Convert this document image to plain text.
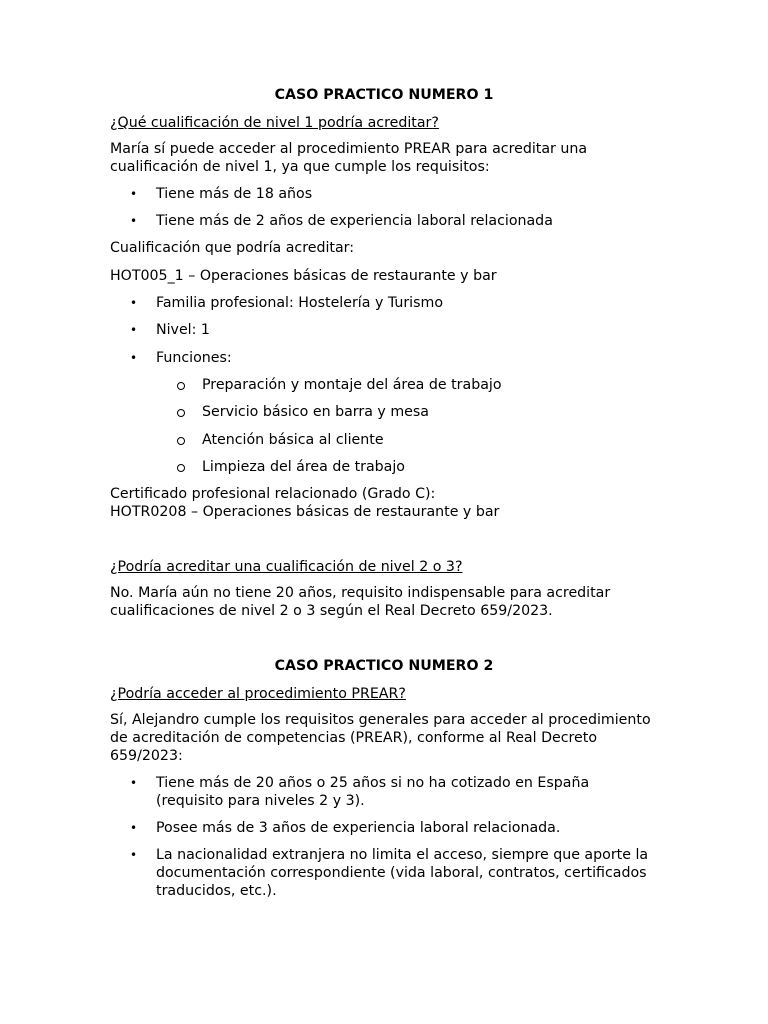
CASO PRACTICO NUMERO 1
¿Qué cualificación de nivel 1 podría acreditar?
María sí puede acceder al procedimiento PREAR para acreditar una cualificación de nivel 1, ya que cumple los requisitos:
• Tiene más de 18 años
• Tiene más de 2 años de experiencia laboral relacionada
Cualificación que podría acreditar:
HOT005_1 – Operaciones básicas de restaurante y bar
• Familia profesional: Hostelería y Turismo
• Nivel: 1
• Funciones:
Preparación y montaje del área de trabajo
Servicio básico en barra y mesa
Atención básica al cliente
Limpieza del área de trabajo
Certificado profesional relacionado (Grado C):
HOTR0208 – Operaciones básicas de restaurante y bar
¿Podría acreditar una cualificación de nivel 2 o 3?
No. María aún no tiene 20 años, requisito indispensable para acreditar cualificaciones de nivel 2 o 3 según el Real Decreto 659/2023.
CASO PRACTICO NUMERO 2
¿Podría acceder al procedimiento PREAR?
Sí, Alejandro cumple los requisitos generales para acceder al procedimiento de acreditación de competencias (PREAR), conforme al Real Decreto 659/2023:
• Tiene más de 20 años o 25 años si no ha cotizado en España (requisito para niveles 2 y 3).
• Posee más de 3 años de experiencia laboral relacionada.
• La nacionalidad extranjera no limita el acceso, siempre que aporte la documentación correspondiente (vida laboral, contratos, certificados traducidos, etc.).
